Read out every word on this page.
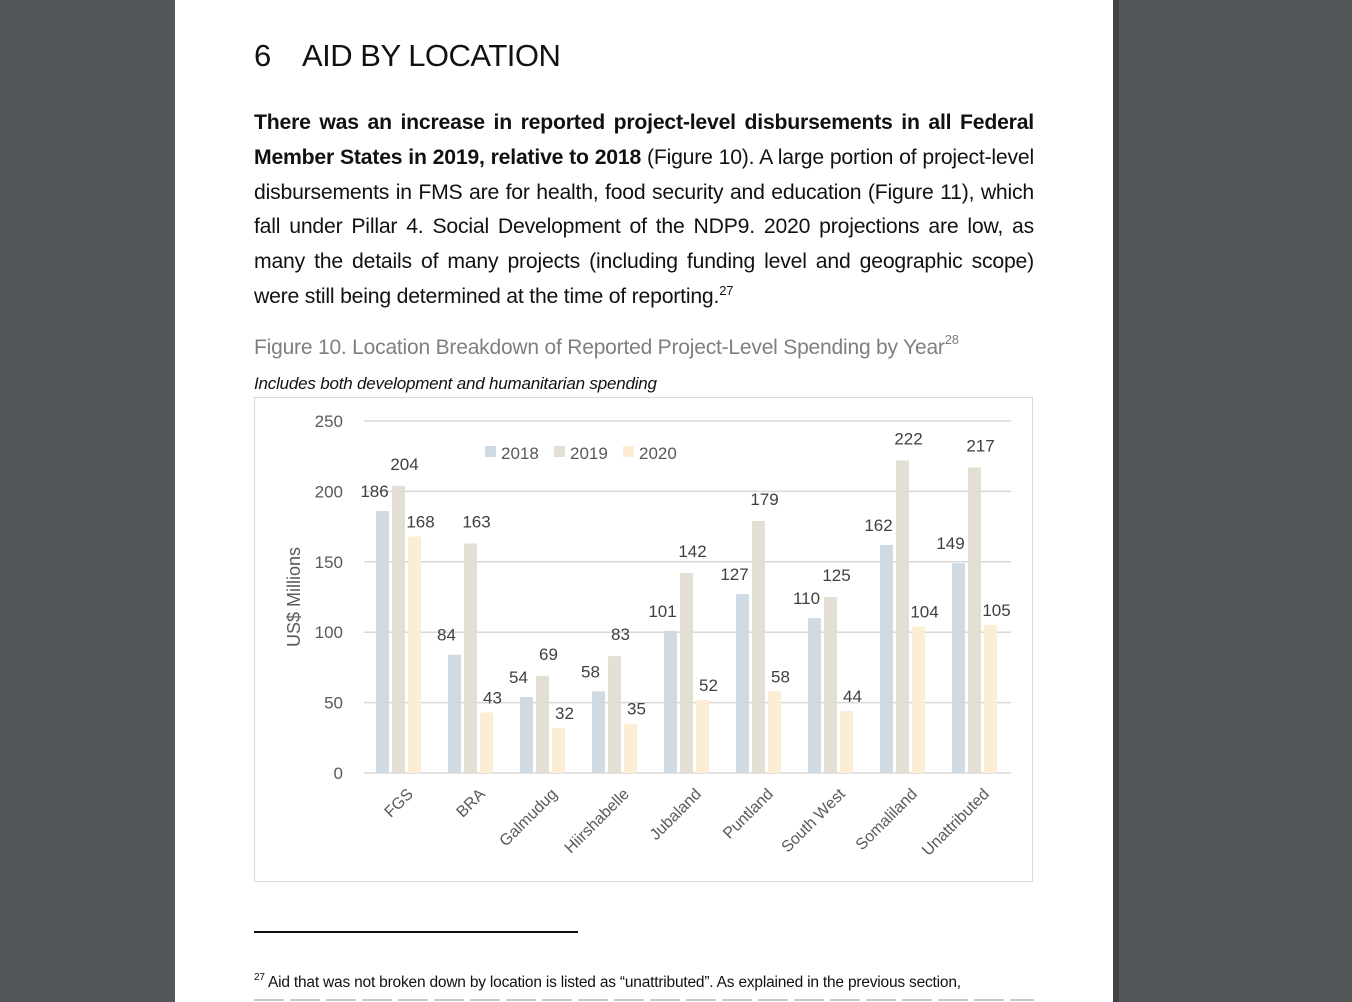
6 AID BY LOCATION
There was an increase in reported project-level disbursements in all Federal Member States in 2019, relative to 2018 (Figure 10). A large portion of project-level disbursements in FMS are for health, food security and education (Figure 11), which fall under Pillar 4. Social Development of the NDP9. 2020 projections are low, as many the details of many projects (including funding level and geographic scope) were still being determined at the time of reporting.$^{27}$
Figure 10. Location Breakdown of Reported Project-Level Spending by Year$^{28}$
Includes both development and humanitarian spending
0
50
100
150
200
250
US$ Millions
186
204
168
FGS
84
163
43
BRA
54
69
32
Galmudug
58
83
35
Hiirshabelle
101
142
52
Jubaland
127
179
58
Puntland
110
125
44
South West
162
222
104
Somaliland
149
217
105
Unattributed
2018 2019 2020
$^{27}$ Aid that was not broken down by location is listed as “unattributed”. As explained in the previous section,
